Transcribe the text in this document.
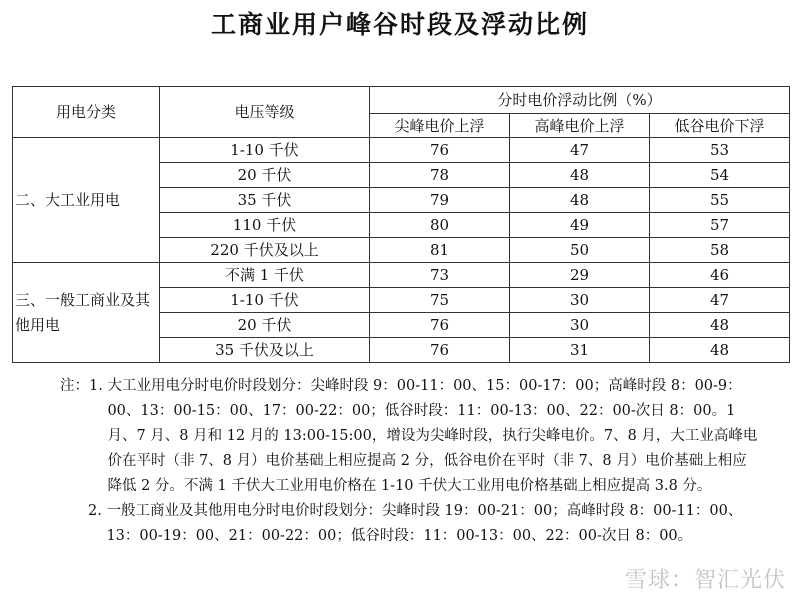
工商业用户峰谷时段及浮动比例
用电分类	电压等级	分时电价浮动比例（%）		
		尖峰电价上浮	高峰电价上浮	低谷电价下浮
二、大工业用电	1-10 千伏	76	47	53
	20 千伏	78	48	54
	35 千伏	79	48	55
	110 千伏	80	49	57
	220 千伏及以上	81	50	58
三、一般工商业及其他用电	不满 1 千伏	73	29	46
	1-10 千伏	75	30	47
	20 千伏	76	30	48
	35 千伏及以上	76	31	48
注： 1. 大工业用电分时电价时段划分：尖峰时段 9：00-11：00、15：00-17：00；高峰时段 8：00-9：00、13：00-15：00、17：00-22：00；低谷时段：11：00-13：00、22：00-次日 8：00。1 月、7 月、8 月和 12 月的 13:00-15:00，增设为尖峰时段，执行尖峰电价。7、8 月，大工业高峰电价在平时（非 7、8 月）电价基础上相应提高 2 分，低谷电价在平时（非 7、8 月）电价基础上相应降低 2 分。不满 1 千伏大工业用电价格在 1-10 千伏大工业用电价格基础上相应提高 3.8 分。
2. 一般工商业及其他用电分时电价时段划分：尖峰时段 19：00-21：00；高峰时段 8：00-11：00、13：00-19：00、21：00-22：00；低谷时段：11：00-13：00、22：00-次日 8：00。
雪球：智汇光伏
